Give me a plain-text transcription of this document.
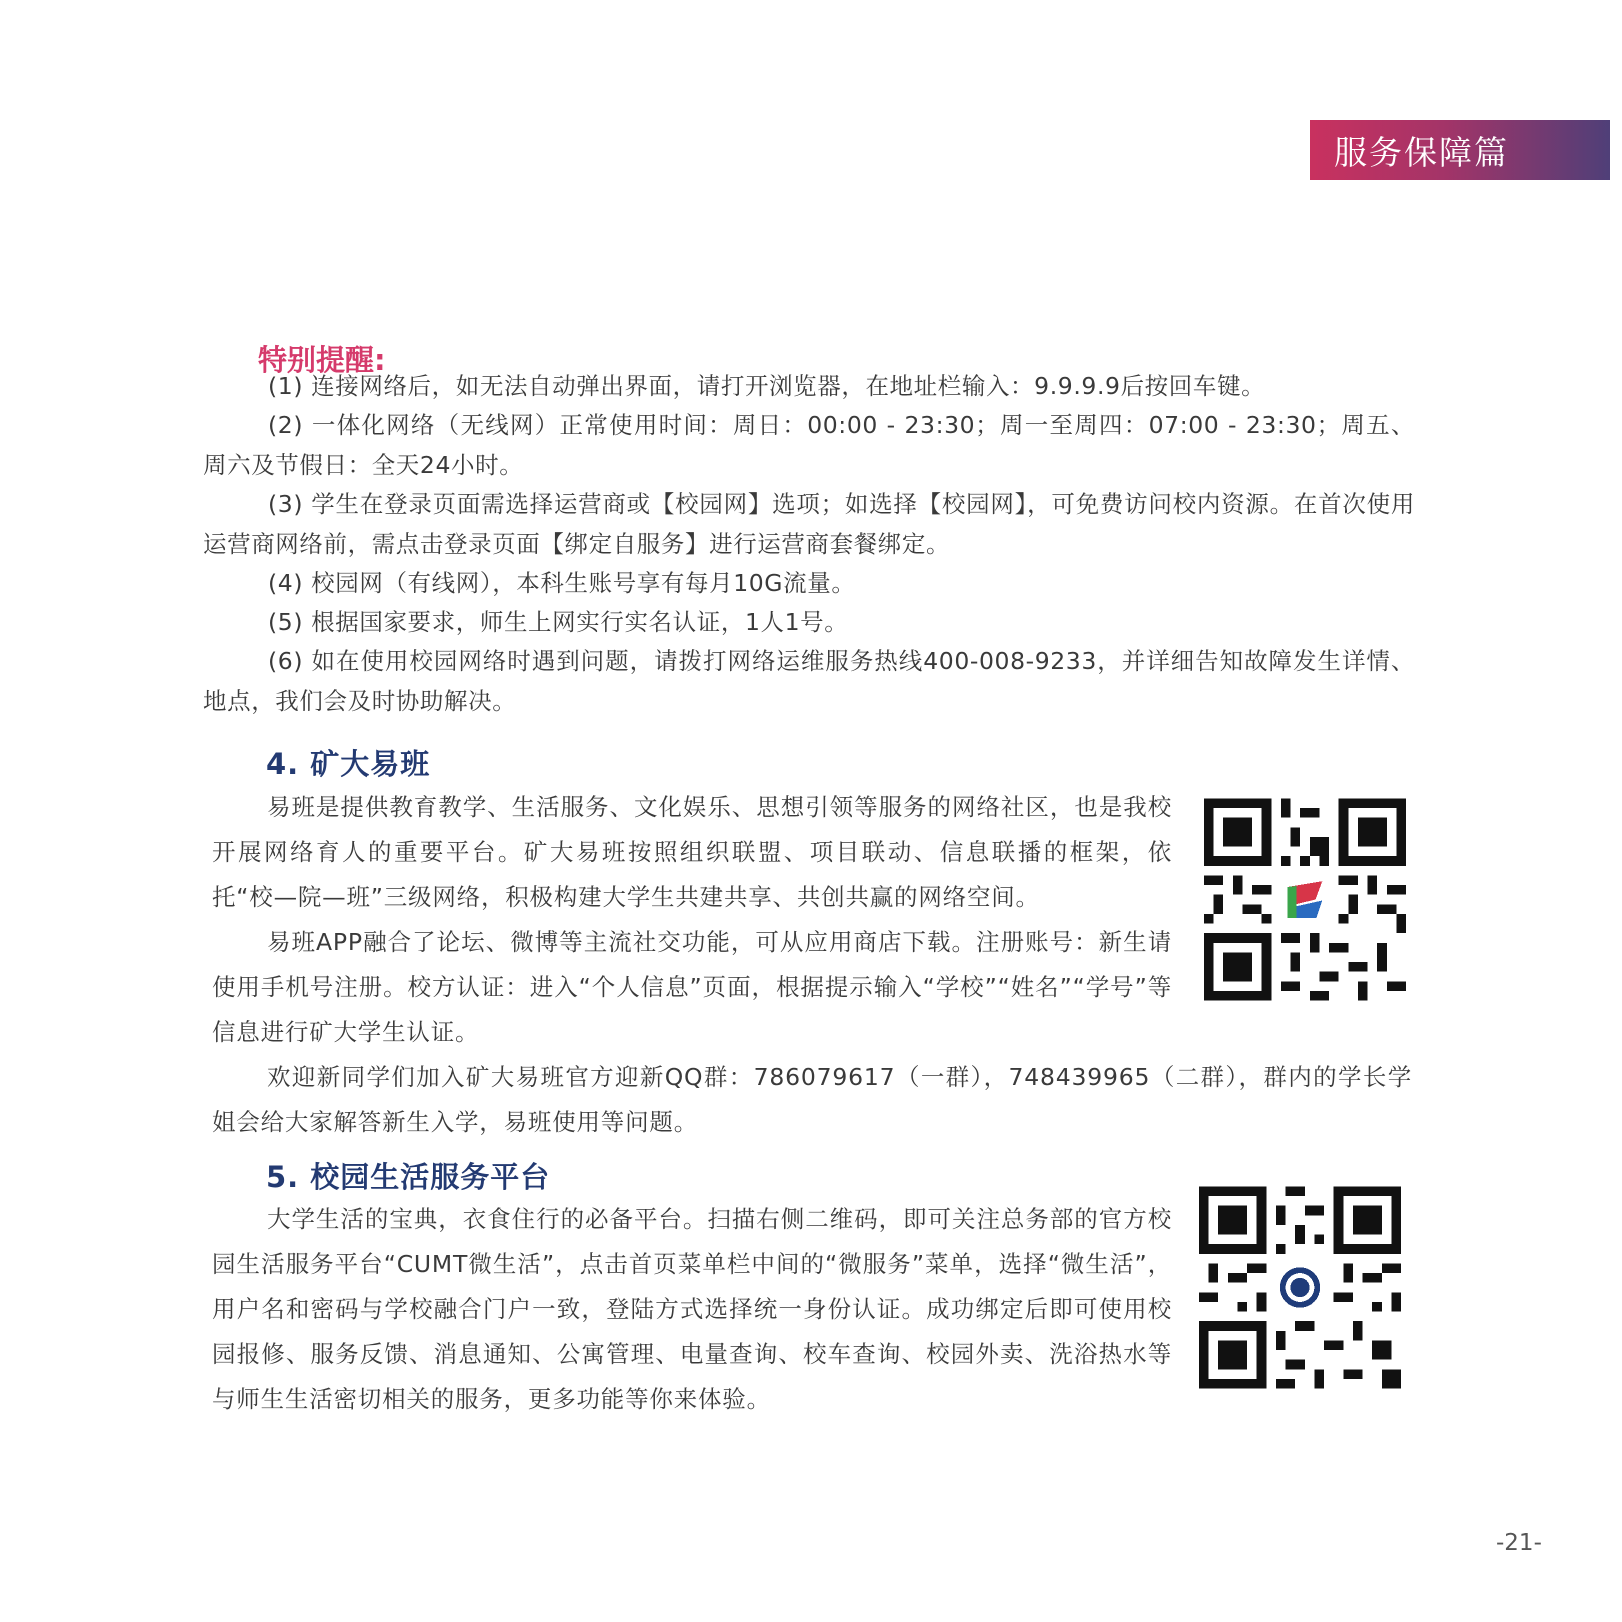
服务保障篇
特别提醒:

(1) 连接网络后，如无法自动弹出界面，请打开浏览器，在地址栏输入：9.9.9.9后按回车键。

(2) 一体化网络（无线网）正常使用时间：周日：00:00 - 23:30；周一至周四：07:00 - 23:30；周五、周六及节假日：全天24小时。

(3) 学生在登录页面需选择运营商或【校园网】选项；如选择【校园网】，可免费访问校内资源。在首次使用运营商网络前，需点击登录页面【绑定自服务】进行运营商套餐绑定。

(4) 校园网（有线网），本科生账号享有每月10G流量。

(5) 根据国家要求，师生上网实行实名认证，1人1号。

(6) 如在使用校园网络时遇到问题，请拨打网络运维服务热线400-008-9233，并详细告知故障发生详情、地点，我们会及时协助解决。

4. 矿大易班

易班是提供教育教学、生活服务、文化娱乐、思想引领等服务的网络社区，也是我校开展网络育人的重要平台。矿大易班按照组织联盟、项目联动、信息联播的框架，依托“校—院—班”三级网络，积极构建大学生共建共享、共创共赢的网络空间。

易班APP融合了论坛、微博等主流社交功能，可从应用商店下载。注册账号：新生请使用手机号注册。校方认证：进入“个人信息”页面，根据提示输入“学校”“姓名”“学号”等信息进行矿大学生认证。

欢迎新同学们加入矿大易班官方迎新QQ群：786079617（一群），748439965（二群），群内的学长学姐会给大家解答新生入学，易班使用等问题。

5. 校园生活服务平台

大学生活的宝典，衣食住行的必备平台。扫描右侧二维码，即可关注总务部的官方校园生活服务平台“CUMT微生活”，点击首页菜单栏中间的“微服务”菜单，选择“微生活”，用户名和密码与学校融合门户一致，登陆方式选择统一身份认证。成功绑定后即可使用校园报修、服务反馈、消息通知、公寓管理、电量查询、校车查询、校园外卖、洗浴热水等与师生生活密切相关的服务，更多功能等你来体验。

-21-
